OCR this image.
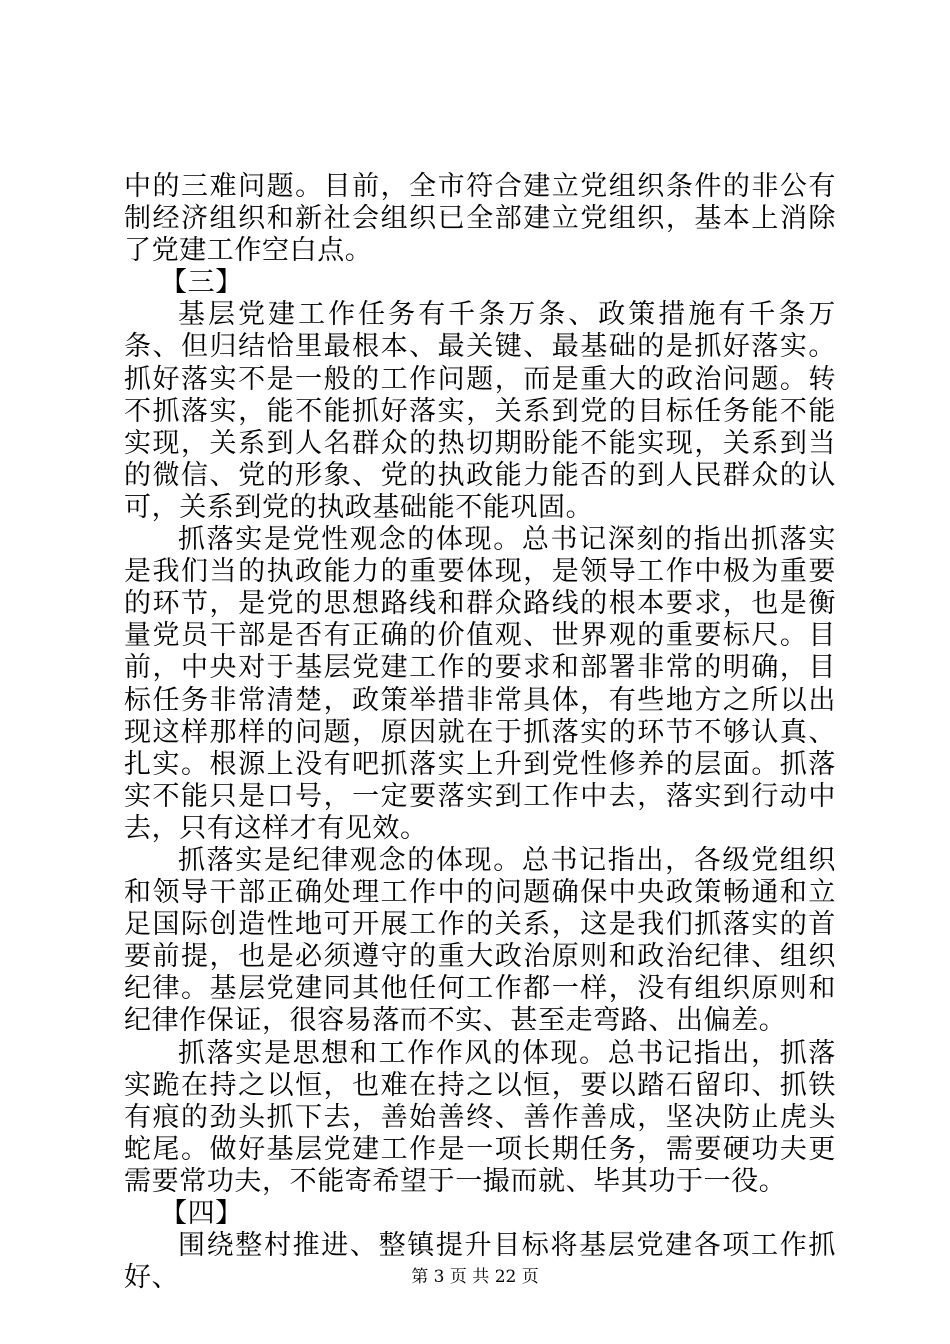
中的三难问题。目前，全市符合建立党组织条件的非公有制经济组织和新社会组织已全部建立党组织，基本上消除了党建工作空白点。

【三】

基层党建工作任务有千条万条、政策措施有千条万条、但归结恰里最根本、最关键、最基础的是抓好落实。抓好落实不是一般的工作问题，而是重大的政治问题。转不抓落实，能不能抓好落实，关系到党的目标任务能不能实现，关系到人名群众的热切期盼能不能实现，关系到当的微信、党的形象、党的执政能力能否的到人民群众的认可，关系到党的执政基础能不能巩固。

抓落实是党性观念的体现。总书记深刻的指出抓落实是我们当的执政能力的重要体现，是领导工作中极为重要的环节，是党的思想路线和群众路线的根本要求，也是衡量党员干部是否有正确的价值观、世界观的重要标尺。目前，中央对于基层党建工作的要求和部署非常的明确，目标任务非常清楚，政策举措非常具体，有些地方之所以出现这样那样的问题，原因就在于抓落实的环节不够认真、扎实。根源上没有吧抓落实上升到党性修养的层面。抓落实不能只是口号，一定要落实到工作中去，落实到行动中去，只有这样才有见效。

抓落实是纪律观念的体现。总书记指出，各级党组织和领导干部正确处理工作中的问题确保中央政策畅通和立足国际创造性地可开展工作的关系，这是我们抓落实的首要前提，也是必须遵守的重大政治原则和政治纪律、组织纪律。基层党建同其他任何工作都一样，没有组织原则和纪律作保证，很容易落而不实、甚至走弯路、出偏差。

抓落实是思想和工作作风的体现。总书记指出，抓落实跪在持之以恒，也难在持之以恒，要以踏石留印、抓铁有痕的劲头抓下去，善始善终、善作善成，坚决防止虎头蛇尾。做好基层党建工作是一项长期任务，需要硬功夫更需要常功夫，不能寄希望于一撮而就、毕其功于一役。

【四】

围绕整村推进、整镇提升目标将基层党建各项工作抓好、	第 3 页 共 22 页
